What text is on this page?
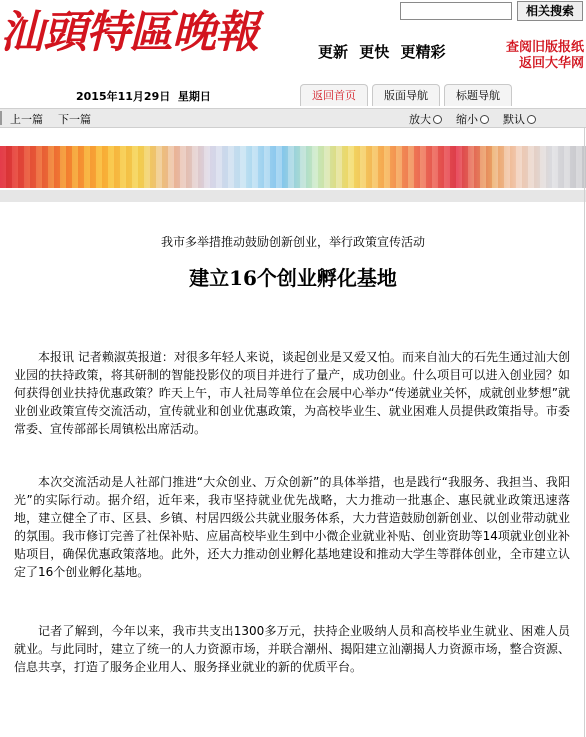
汕頭特區晚報	更新 更快 更精彩
相关搜索
查阅旧版报纸
返回大华网
2015年11月29日 星期日	返回首页	版面导航	标题导航
上一篇 下一篇	放大	缩小	默认
我市多举措推动鼓励创新创业，举行政策宣传活动
建立16个创业孵化基地

本报讯 记者赖淑英报道：对很多年轻人来说，谈起创业是又爱又怕。而来自汕大的石先生通过汕大创业园的扶持政策，将其研制的智能投影仪的项目并进行了量产，成功创业。什么项目可以进入创业园？如何获得创业扶持优惠政策？昨天上午，市人社局等单位在会展中心举办“传递就业关怀，成就创业梦想”就业创业政策宣传交流活动，宣传就业和创业优惠政策，为高校毕业生、就业困难人员提供政策指导。市委常委、宣传部部长周镇松出席活动。

本次交流活动是人社部门推进“大众创业、万众创新”的具体举措，也是践行“我服务、我担当、我阳光”的实际行动。据介绍，近年来，我市坚持就业优先战略，大力推动一批惠企、惠民就业政策迅速落地，建立健全了市、区县、乡镇、村居四级公共就业服务体系，大力营造鼓励创新创业、以创业带动就业的氛围。我市修订完善了社保补贴、应届高校毕业生到中小微企业就业补贴、创业资助等14项就业创业补贴项目，确保优惠政策落地。此外，还大力推动创业孵化基地建设和推动大学生等群体创业，全市建立认定了16个创业孵化基地。

记者了解到，今年以来，我市共支出1300多万元，扶持企业吸纳人员和高校毕业生就业、困难人员就业。与此同时，建立了统一的人力资源市场，并联合潮州、揭阳建立汕潮揭人力资源市场，整合资源、信息共享，打造了服务企业用人、服务择业就业的新的优质平台。
